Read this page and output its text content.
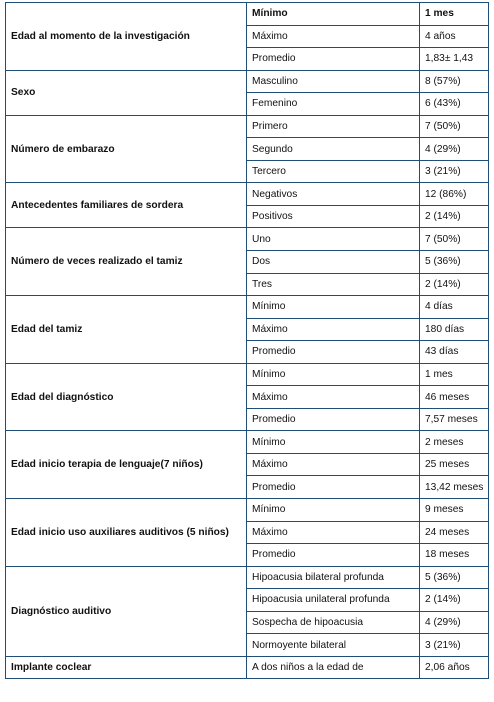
Edad al momento de la investigación	Mínimo	1 mes
	Máximo	4 años
	Promedio	1,83± 1,43
Sexo	Masculino	8 (57%)
	Femenino	6 (43%)
Número de embarazo	Primero	7 (50%)
	Segundo	4 (29%)
	Tercero	3 (21%)
Antecedentes familiares de sordera	Negativos	12 (86%)
	Positivos	2 (14%)
Número de veces realizado el tamiz	Uno	7 (50%)
	Dos	5 (36%)
	Tres	2 (14%)
Edad del tamiz	Mínimo	4 días
	Máximo	180 días
	Promedio	43 días
Edad del diagnóstico	Mínimo	1 mes
	Máximo	46 meses
	Promedio	7,57 meses
Edad inicio terapia de lenguaje(7 niños)	Mínimo	2 meses
	Máximo	25 meses
	Promedio	13,42 meses
Edad inicio uso auxiliares auditivos (5 niños)	Mínimo	9 meses
	Máximo	24 meses
	Promedio	18 meses
Diagnóstico auditivo	Hipoacusia bilateral profunda	5 (36%)
	Hipoacusia unilateral profunda	2 (14%)
	Sospecha de hipoacusia	4 (29%)
	Normoyente bilateral	3 (21%)
Implante coclear	A dos niños a la edad de	2,06 años
